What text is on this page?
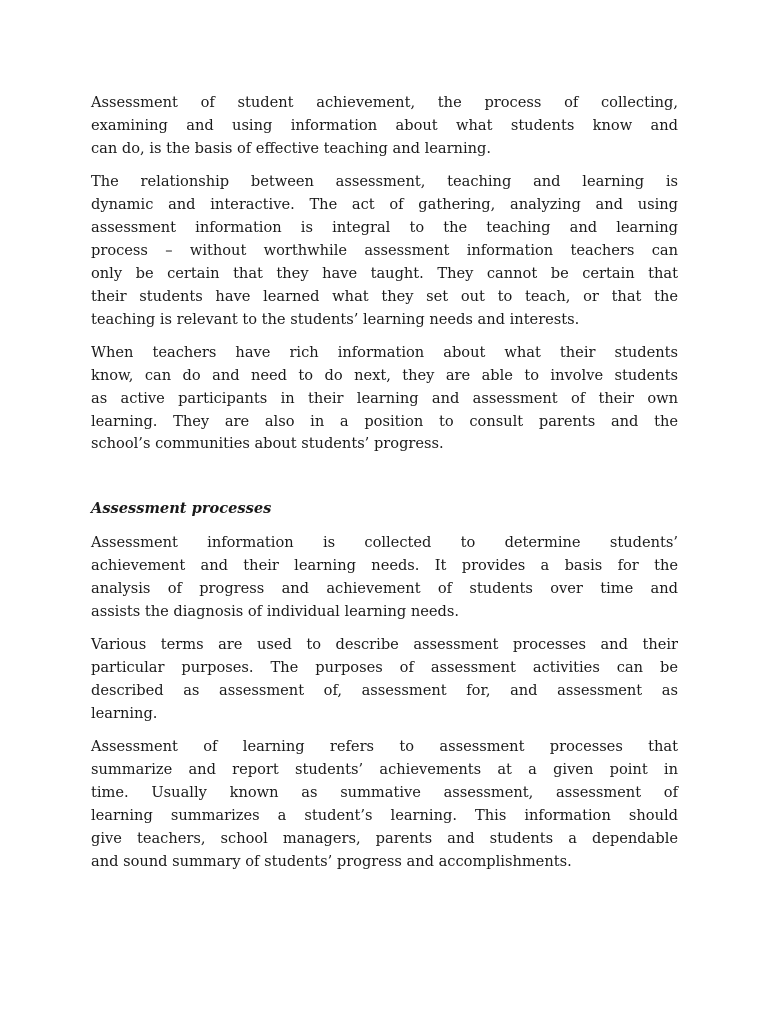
Assessment of student achievement, the process of collecting,
examining and using information about what students know and
can do, is the basis of effective teaching and learning.
The relationship between assessment, teaching and learning is
dynamic and interactive. The act of gathering, analyzing and using
assessment information is integral to the teaching and learning
process – without worthwhile assessment information teachers can
only be certain that they have taught. They cannot be certain that
their students have learned what they set out to teach, or that the
teaching is relevant to the students’ learning needs and interests.
When teachers have rich information about what their students
know, can do and need to do next, they are able to involve students
as active participants in their learning and assessment of their own
learning. They are also in a position to consult parents and the
school’s communities about students’ progress.
Assessment processes
Assessment information is collected to determine students’
achievement and their learning needs. It provides a basis for the
analysis of progress and achievement of students over time and
assists the diagnosis of individual learning needs.
Various terms are used to describe assessment processes and their
particular purposes. The purposes of assessment activities can be
described as assessment of, assessment for, and assessment as
learning.
Assessment of learning refers to assessment processes that
summarize and report students’ achievements at a given point in
time. Usually known as summative assessment, assessment of
learning summarizes a student’s learning. This information should
give teachers, school managers, parents and students a dependable
and sound summary of students’ progress and accomplishments.
